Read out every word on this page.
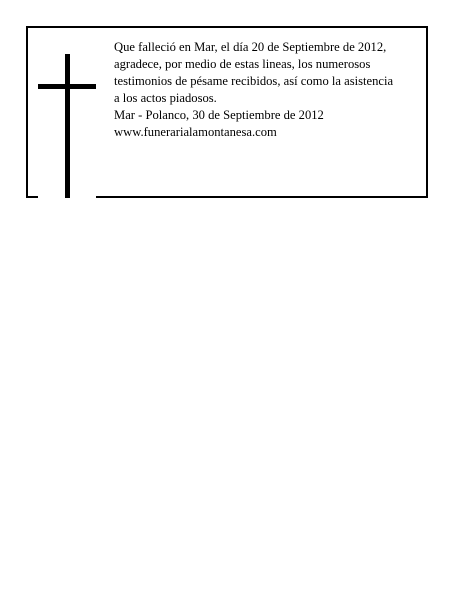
Que falleció en Mar, el día 20 de Septiembre de 2012,
agradece, por medio de estas lineas, los numerosos
testimonios de pésame recibidos, así como la asistencia
a los actos piadosos.
Mar - Polanco, 30 de Septiembre de 2012
www.funerarialamontanesa.com
